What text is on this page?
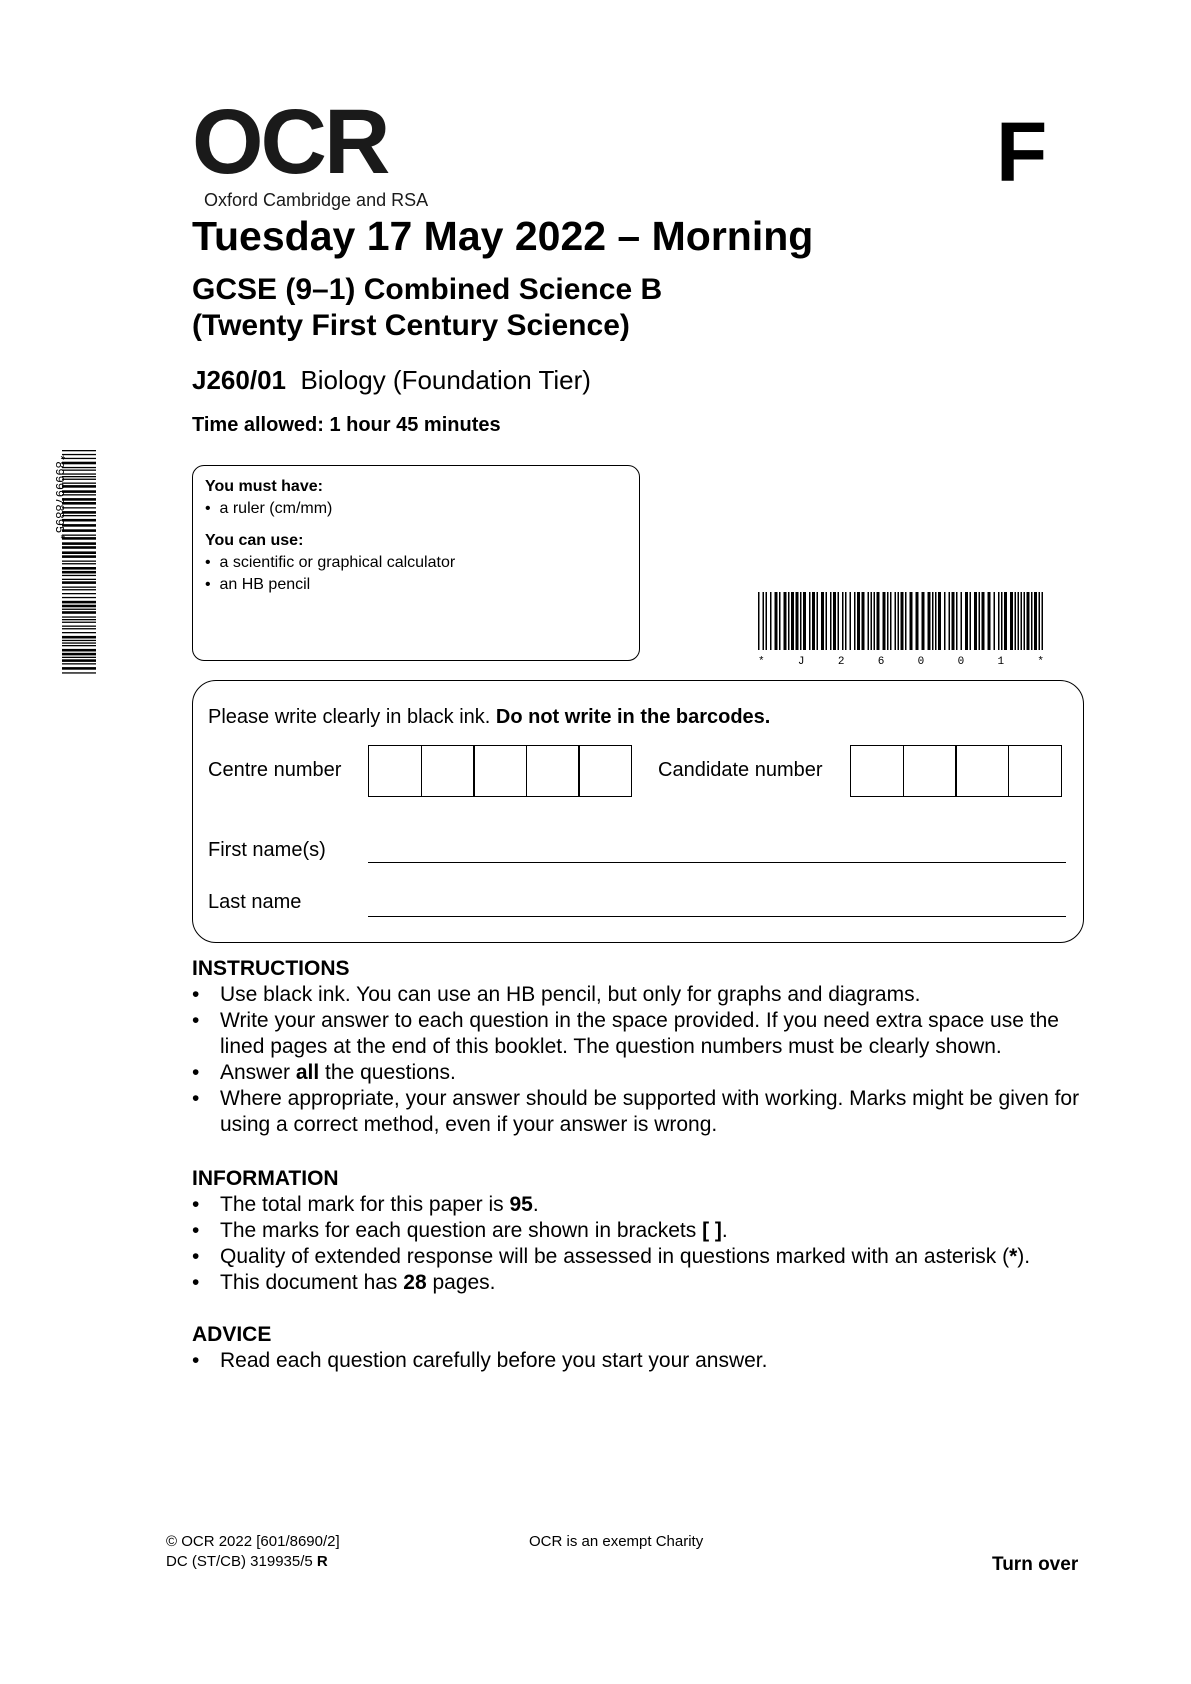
OCR
Oxford Cambridge and RSA
F
Tuesday 17 May 2022 – Morning
GCSE (9–1) Combined Science B
(Twenty First Century Science)
J260/01 Biology (Foundation Tier)
Time allowed: 1 hour 45 minutes
*8999978895*	You must have:
•  a ruler (cm/mm)
You can use:
•  a scientific or graphical calculator
•  an HB pencil
* J 2 6 0 0 1 *
Please write clearly in black ink. Do not write in the barcodes.
Centre number	Candidate number
First name(s)
Last name
INSTRUCTIONS
• Use black ink. You can use an HB pencil, but only for graphs and diagrams.
• Write your answer to each question in the space provided. If you need extra space use the lined pages at the end of this booklet. The question numbers must be clearly shown.
• Answer all the questions.
• Where appropriate, your answer should be supported with working. Marks might be given for using a correct method, even if your answer is wrong.
INFORMATION
• The total mark for this paper is 95.
• The marks for each question are shown in brackets [ ].
• Quality of extended response will be assessed in questions marked with an asterisk (*).
• This document has 28 pages.
ADVICE
• Read each question carefully before you start your answer.
© OCR 2022 [601/8690/2]
DC (ST/CB) 319935/5 R
OCR is an exempt Charity
Turn over
